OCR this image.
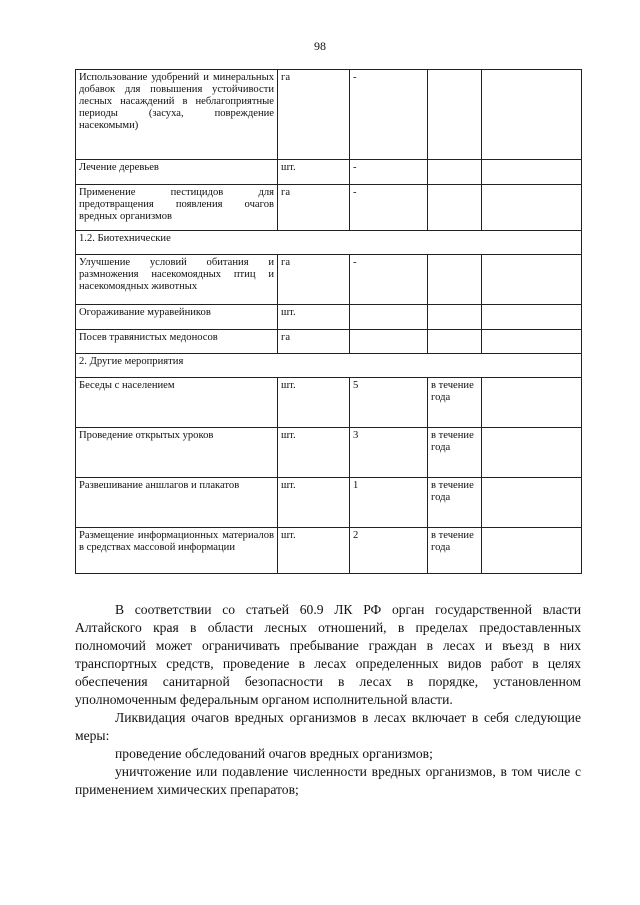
98
Использование удобрений и минеральных добавок для повышения устойчивости лесных насаждений в неблагоприятные периоды (засуха, повреждение насекомыми)	га	-		
Лечение деревьев	шт.	-		
Применение пестицидов для предотвращения появления очагов вредных организмов	га	-		
1.2. Биотехнические				
Улучшение условий обитания и размножения насекомоядных птиц и насекомоядных животных	га	-		
Огораживание муравейников	шт.			
Посев травянистых медоносов	га			
2. Другие мероприятия				
Беседы с населением	шт.	5	в течение года	
Проведение открытых уроков	шт.	3	в течение года	
Развешивание аншлагов и плакатов	шт.	1	в течение года	
Размещение информационных материалов в средствах массовой информации	шт.	2	в течение года	

В соответствии со статьей 60.9 ЛК РФ орган государственной власти Алтайского края в области лесных отношений, в пределах предоставленных полномочий может ограничивать пребывание граждан в лесах и въезд в них транспортных средств, проведение в лесах определенных видов работ в целях обеспечения санитарной безопасности в лесах в порядке, установленном уполномоченным федеральным органом исполнительной власти.

Ликвидация очагов вредных организмов в лесах включает в себя следующие меры:

проведение обследований очагов вредных организмов;

уничтожение или подавление численности вредных организмов, в том числе с применением химических препаратов;
